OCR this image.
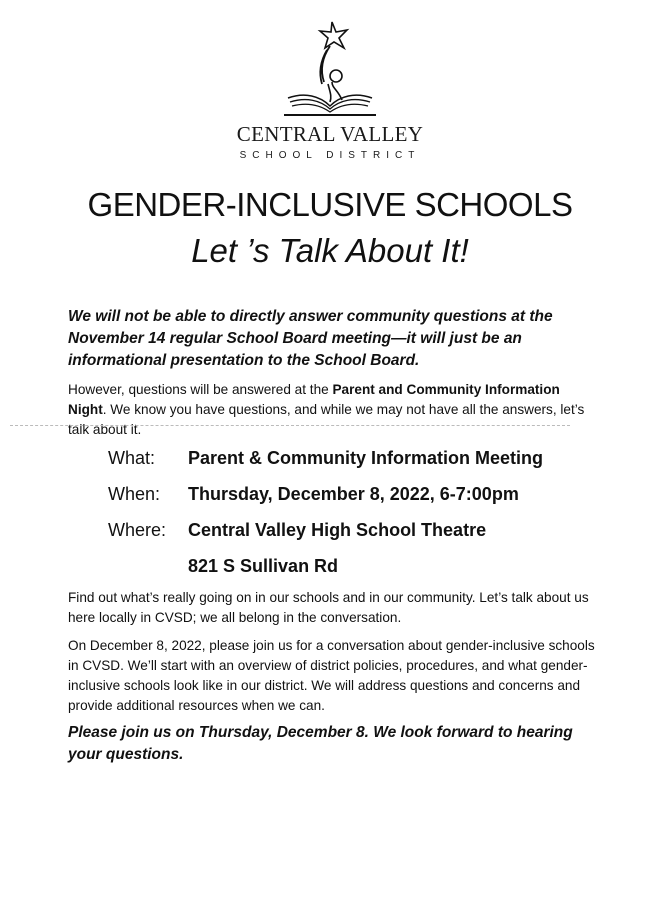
CENTRAL VALLEY
SCHOOL DISTRICT
GENDER-INCLUSIVE SCHOOLS
Let ’s Talk About It!
We will not be able to directly answer community questions at the November 14 regular School Board meeting—it will just be an informational presentation to the School Board.
However, questions will be answered at the Parent and Community Information Night. We know you have questions, and while we may not have all the answers, let’s talk about it.
What:	Parent & Community Information Meeting
When:	Thursday, December 8, 2022, 6-7:00pm
Where:	Central Valley High School Theatre
821 S Sullivan Rd
Find out what’s really going on in our schools and in our community. Let’s talk about us here locally in CVSD; we all belong in the conversation.
On December 8, 2022, please join us for a conversation about gender-inclusive schools in CVSD. We’ll start with an overview of district policies, procedures, and what gender-inclusive schools look like in our district. We will address questions and concerns and provide additional resources when we can.
Please join us on Thursday, December 8. We look forward to hearing your questions.
